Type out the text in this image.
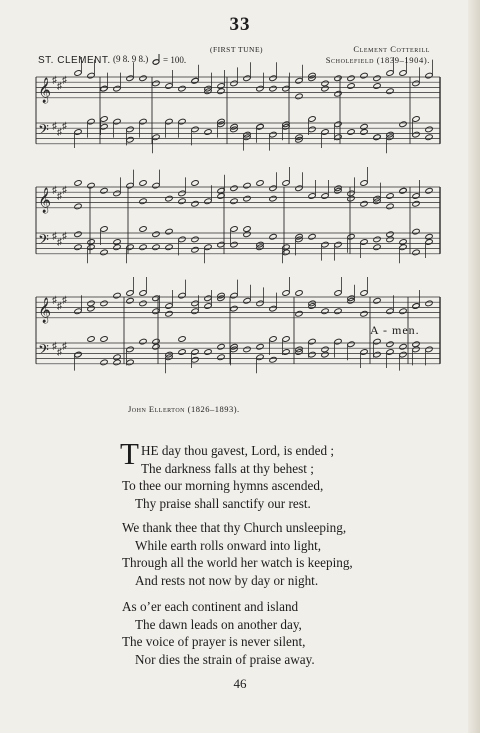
33
ST. CLEMENT. (9 8. 9 8.)	= 100.
(FIRST TUNE)	Clement Cotterill
Scholefield (1839–1904).
♯
♯
♯
♯
♯
♯
𝄞
𝄢
♯
♯
♯
♯
♯
♯
𝄞
𝄢
♯
♯
♯
♯
♯
♯
𝄞
𝄢
A - men.
John Ellerton (1826–1893).
T HE day thou gavest, Lord, is ended ;
The darkness falls at thy behest ;
To thee our morning hymns ascended,
Thy praise shall sanctify our rest.
We thank thee that thy Church unsleeping,
While earth rolls onward into light,
Through all the world her watch is keeping,
And rests not now by day or night.
As o’er each continent and island
The dawn leads on another day,
The voice of prayer is never silent,
Nor dies the strain of praise away.
46
